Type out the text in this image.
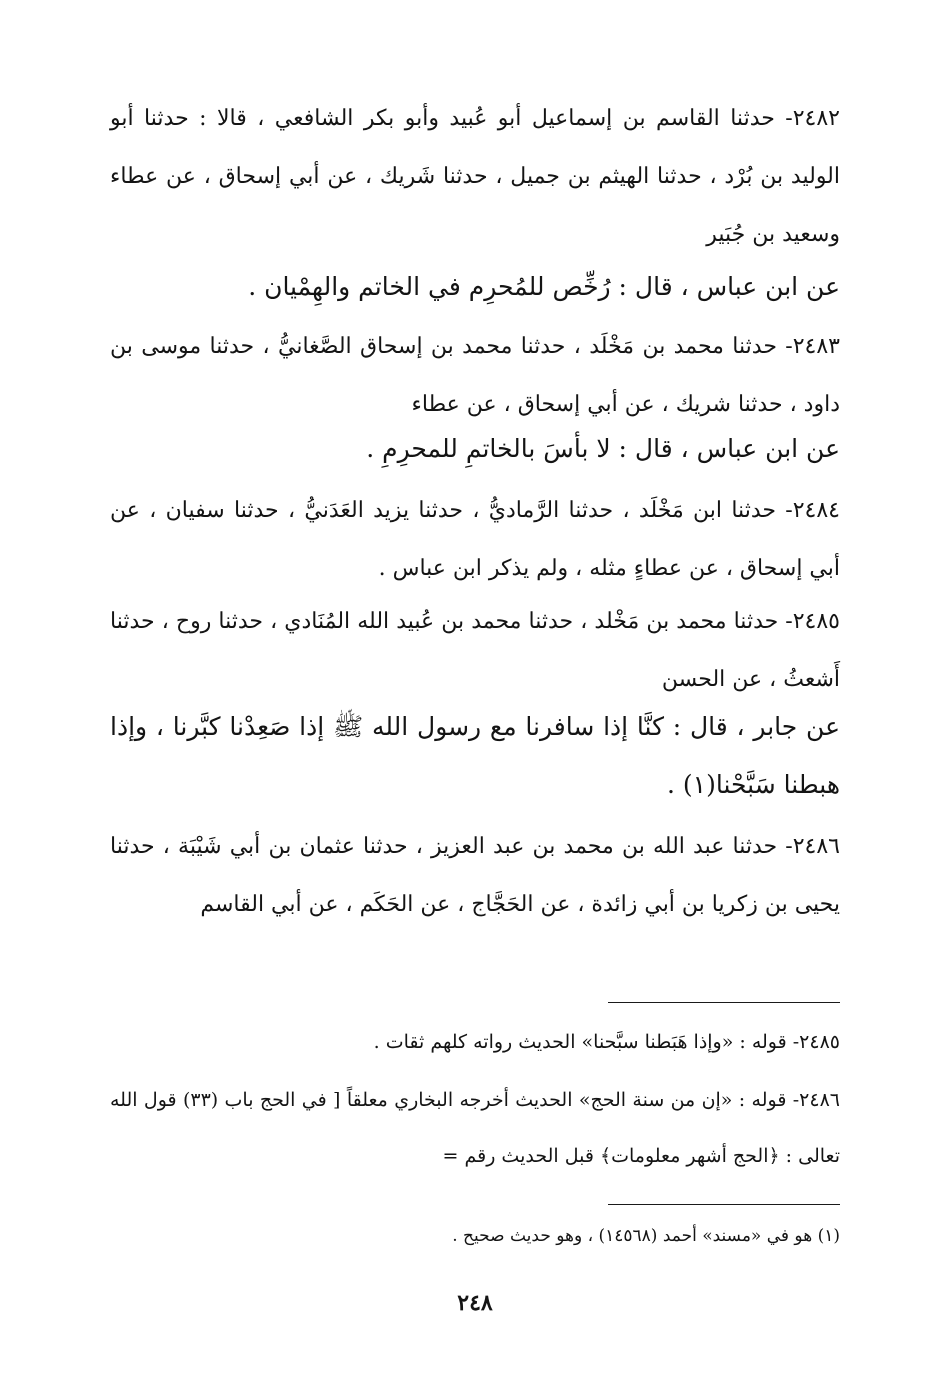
٢٤٨٢- حدثنا القاسم بن إسماعيل أبو عُبيد وأبو بكر الشافعي ، قالا : حدثنا أبو الوليد بن بُرْد ، حدثنا الهيثم بن جميل ، حدثنا شَريك ، عن أبي إسحاق ، عن عطاء وسعيد بن جُبَير

عن ابن عباس ، قال : رُخِّص للمُحرِم في الخاتم والهِمْيان .

٢٤٨٣- حدثنا محمد بن مَخْلَد ، حدثنا محمد بن إسحاق الصَّغانيُّ ، حدثنا موسى بن داود ، حدثنا شريك ، عن أبي إسحاق ، عن عطاء

عن ابن عباس ، قال : لا بأسَ بالخاتمِ للمحرِمِ .

٢٤٨٤- حدثنا ابن مَخْلَد ، حدثنا الرَّماديُّ ، حدثنا يزيد العَدَنيُّ ، حدثنا سفيان ، عن أبي إسحاق ، عن عطاءٍ مثله ، ولم يذكر ابن عباس .

٢٤٨٥- حدثنا محمد بن مَخْلد ، حدثنا محمد بن عُبيد الله المُنَادي ، حدثنا روح ، حدثنا أَشعثُ ، عن الحسن

عن جابر ، قال : كنَّا إذا سافرنا مع رسول الله ﷺ إذا صَعِدْنا كبَّرنا ، وإذا هبطنا سَبَّحْنا(١) .

٢٤٨٦- حدثنا عبد الله بن محمد بن عبد العزيز ، حدثنا عثمان بن أبي شَيْبَة ، حدثنا يحيى بن زكريا بن أبي زائدة ، عن الحَجَّاج ، عن الحَكَم ، عن أبي القاسم

٢٤٨٥- قوله : «وإذا هَبَطنا سبَّحنا» الحديث رواته كلهم ثقات .

٢٤٨٦- قوله : «إن من سنة الحج» الحديث أخرجه البخاري معلقاً [ في الحج باب (٣٣) قول الله تعالى : ﴿الحج أشهر معلومات﴾ قبل الحديث رقم =

(١) هو في «مسند» أحمد (١٤٥٦٨) ، وهو حديث صحيح .

٢٤٨
